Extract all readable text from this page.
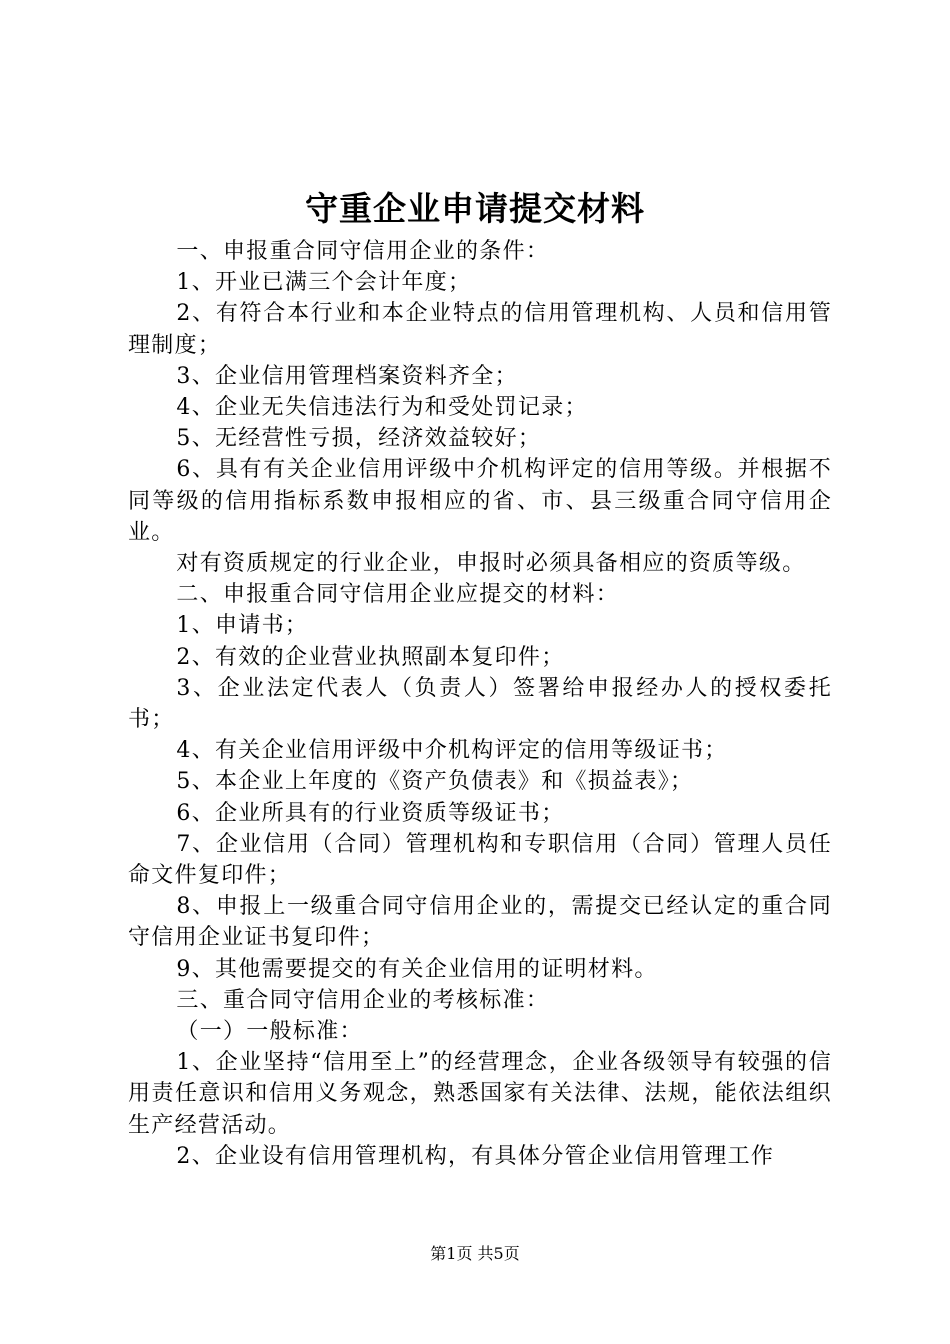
守重企业申请提交材料

一、申报重合同守信用企业的条件：

1、开业已满三个会计年度；

2、有符合本行业和本企业特点的信用管理机构、人员和信用管理制度；

3、企业信用管理档案资料齐全；

4、企业无失信违法行为和受处罚记录；

5、无经营性亏损，经济效益较好；

6、具有有关企业信用评级中介机构评定的信用等级。并根据不同等级的信用指标系数申报相应的省、市、县三级重合同守信用企业。

对有资质规定的行业企业，申报时必须具备相应的资质等级。

二、申报重合同守信用企业应提交的材料：

1、申请书；

2、有效的企业营业执照副本复印件；

3、企业法定代表人（负责人）签署给申报经办人的授权委托书；

4、有关企业信用评级中介机构评定的信用等级证书；

5、本企业上年度的《资产负债表》和《损益表》；

6、企业所具有的行业资质等级证书；

7、企业信用（合同）管理机构和专职信用（合同）管理人员任命文件复印件；

8、申报上一级重合同守信用企业的，需提交已经认定的重合同守信用企业证书复印件；

9、其他需要提交的有关企业信用的证明材料。

三、重合同守信用企业的考核标准：

（一）一般标准：

1、企业坚持“信用至上”的经营理念，企业各级领导有较强的信用责任意识和信用义务观念，熟悉国家有关法律、法规，能依法组织生产经营活动。

2、企业设有信用管理机构，有具体分管企业信用管理工作

第1页 共5页
